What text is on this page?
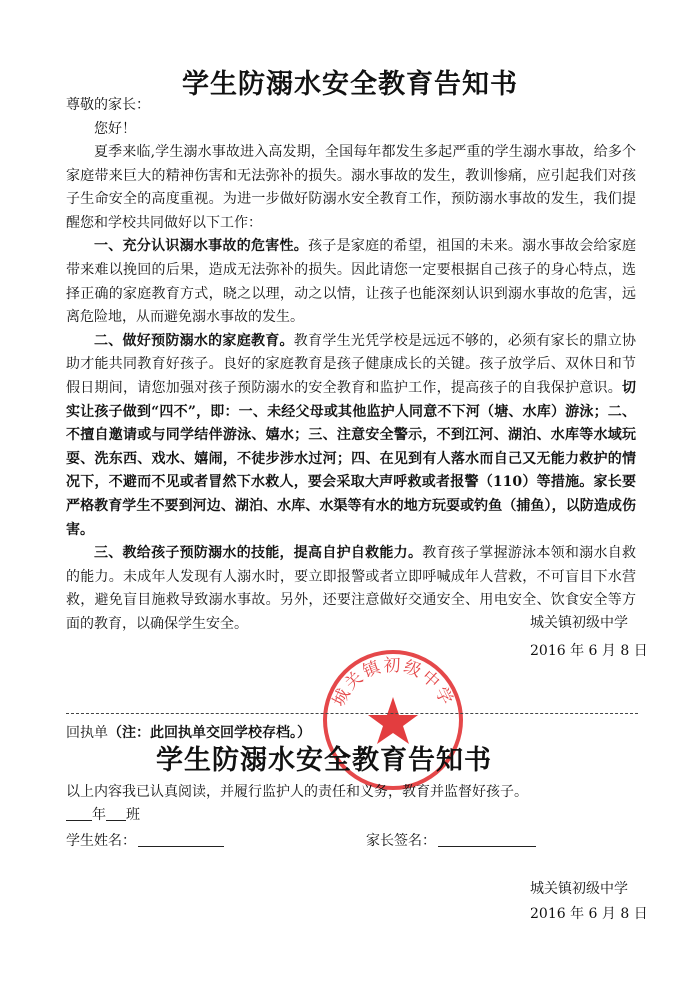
学生防溺水安全教育告知书
尊敬的家长：
您好！

夏季来临,学生溺水事故进入高发期，全国每年都发生多起严重的学生溺水事故，给多个家庭带来巨大的精神伤害和无法弥补的损失。溺水事故的发生，教训惨痛，应引起我们对孩子生命安全的高度重视。为进一步做好防溺水安全教育工作，预防溺水事故的发生，我们提醒您和学校共同做好以下工作：

一、充分认识溺水事故的危害性。孩子是家庭的希望，祖国的未来。溺水事故会给家庭带来难以挽回的后果，造成无法弥补的损失。因此请您一定要根据自己孩子的身心特点，选择正确的家庭教育方式，晓之以理，动之以情，让孩子也能深刻认识到溺水事故的危害，远离危险地，从而避免溺水事故的发生。

二、做好预防溺水的家庭教育。教育学生光凭学校是远远不够的，必须有家长的鼎立协助才能共同教育好孩子。良好的家庭教育是孩子健康成长的关键。孩子放学后、双休日和节假日期间，请您加强对孩子预防溺水的安全教育和监护工作，提高孩子的自我保护意识。切实让孩子做到“四不”，即：一、未经父母或其他监护人同意不下河（塘、水库）游泳；二、不擅自邀请或与同学结伴游泳、嬉水；三、注意安全警示，不到江河、湖泊、水库等水域玩耍、洗东西、戏水、嬉闹，不徒步涉水过河；四、在见到有人落水而自己又无能力救护的情况下，不避而不见或者冒然下水救人，要会采取大声呼救或者报警（110）等措施。家长要严格教育学生不要到河边、湖泊、水库、水渠等有水的地方玩耍或钓鱼（捕鱼），以防造成伤害。

三、教给孩子预防溺水的技能，提高自护自救能力。教育孩子掌握游泳本领和溺水自救的能力。未成年人发现有人溺水时，要立即报警或者立即呼喊成年人营救，不可盲目下水营救，避免盲目施救导致溺水事故。另外，还要注意做好交通安全、用电安全、饮食安全等方面的教育，以确保学生安全。	城关镇初级中学
2016 年 6 月 8 日
城关镇初级中学
回执单（注：此回执单交回学校存档。）
学生防溺水安全教育告知书
以上内容我已认真阅读，并履行监护人的责任和义务，教育并监督好孩子。
年 班
学生姓名：	家长签名：
城关镇初级中学
2016 年 6 月 8 日
